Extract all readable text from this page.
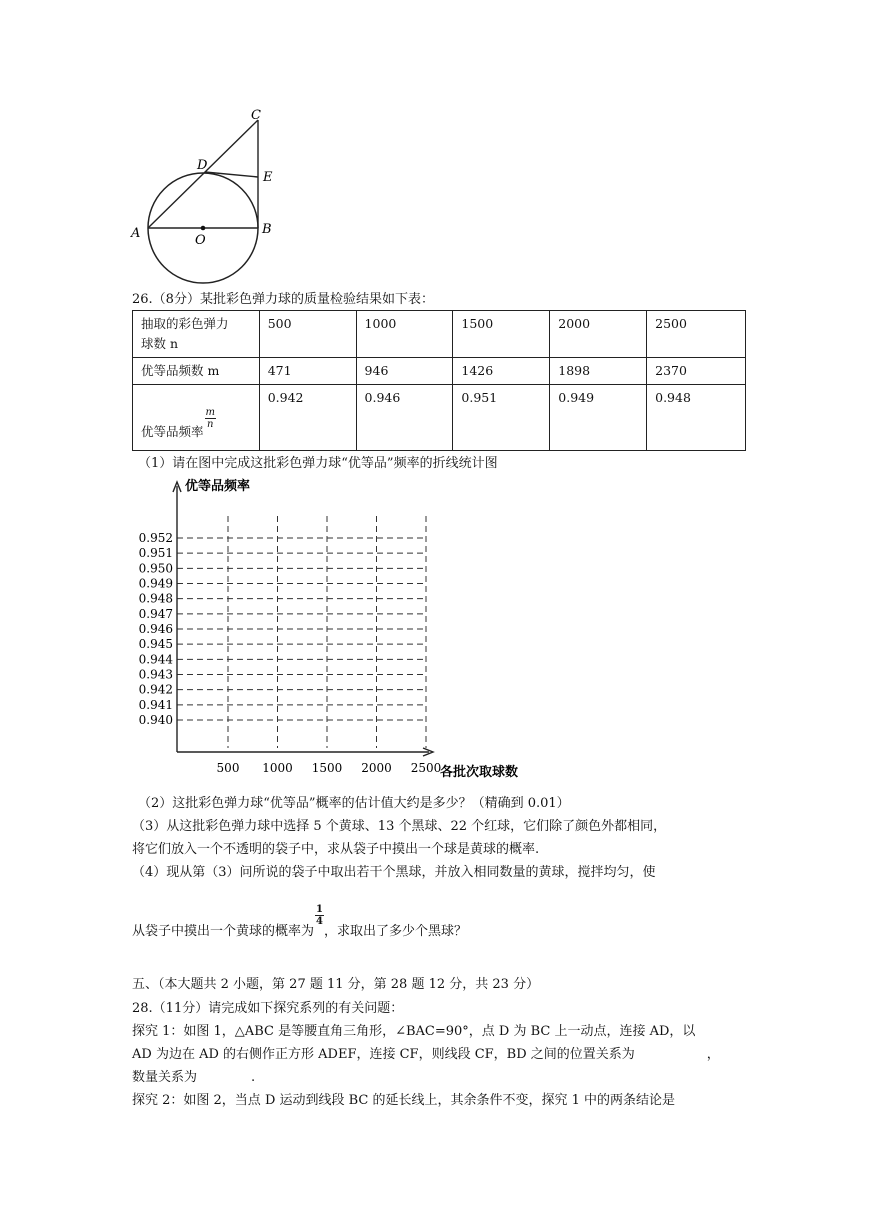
C
D
E
A	O
B
26.（8分）某批彩色弹力球的质量检验结果如下表：
抽取的彩色弹力
球数 n	500	1000	1500	2000	2500
优等品频数 m	471	946	1426	1898	2370
优等品频率
$\frac{m}{n}$	0.942	0.946	0.951	0.949	0.948
（1）请在图中完成这批彩色弹力球“优等品”频率的折线统计图
0.940
0.941
0.942
0.943
0.944
0.945
0.946
0.947
0.948
0.949
0.950
0.951
0.952
500 1000 1500 2000 2500
优等品频率
各批次取球数
（2）这批彩色弹力球“优等品”概率的估计值大约是多少？（精确到 0.01）
（3）从这批彩色弹力球中选择 5 个黄球、13 个黑球、22 个红球，它们除了颜色外都相同，
将它们放入一个不透明的袋子中，求从袋子中摸出一个球是黄球的概率.
（4）现从第（3）问所说的袋子中取出若干个黑球，并放入相同数量的黄球，搅拌均匀，使
从袋子中摸出一个黄球的概率为
$\frac{1}{4}$
，求取出了多少个黑球？
五、（本大题共 2 小题，第 27 题 11 分，第 28 题 12 分，共 23 分）
28.（11分）请完成如下探究系列的有关问题：
探究 1：如图 1，△ABC 是等腰直角三角形，∠BAC=90°，点 D 为 BC 上一动点，连接 AD，以
AD 为边在 AD 的右侧作正方形 ADEF，连接 CF，则线段 CF，BD 之间的位置关系为	，
数量关系为	.
探究 2：如图 2，当点 D 运动到线段 BC 的延长线上，其余条件不变，探究 1 中的两条结论是
